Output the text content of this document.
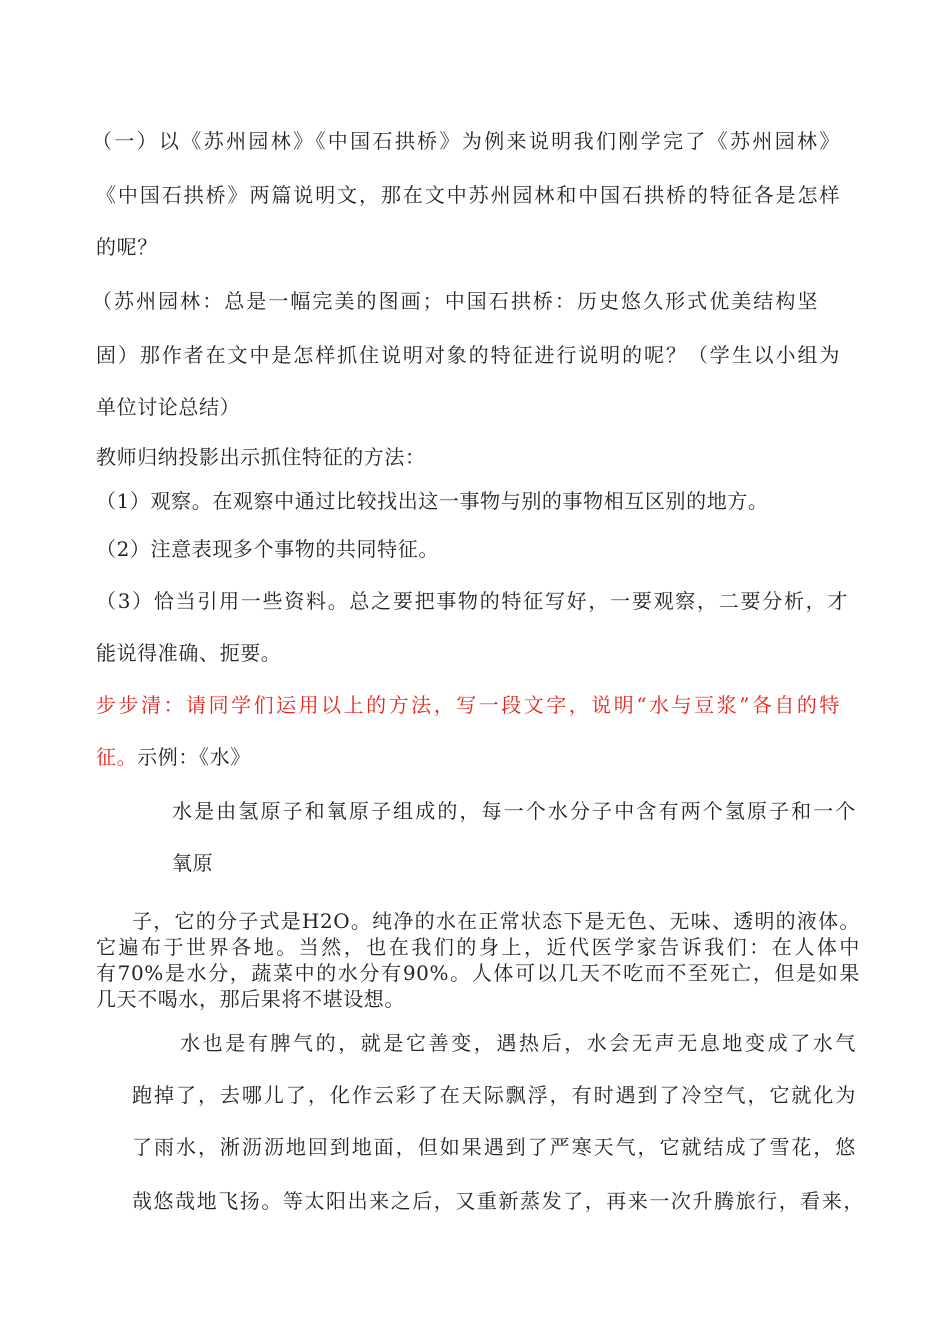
（一）以《苏州园林》《中国石拱桥》为例来说明我们刚学完了《苏州园林》
《中国石拱桥》两篇说明文，那在文中苏州园林和中国石拱桥的特征各是怎样
的呢？
（苏州园林：总是一幅完美的图画；中国石拱桥：历史悠久形式优美结构坚
固）那作者在文中是怎样抓住说明对象的特征进行说明的呢？（学生以小组为
单位讨论总结）
教师归纳投影出示抓住特征的方法：
（1）观察。在观察中通过比较找出这一事物与别的事物相互区别的地方。
（2）注意表现多个事物的共同特征。
（3）恰当引用一些资料。总之要把事物的特征写好，一要观察，二要分析，才
能说得准确、扼要。
步步清：请同学们运用以上的方法，写一段文字，说明“水与豆浆”各自的特
征。示例：《水》
水是由氢原子和氧原子组成的，每一个水分子中含有两个氢原子和一个
氧原
子，它的分子式是H2O。纯净的水在正常状态下是无色、无味、透明的液体。
它遍布于世界各地。当然，也在我们的身上，近代医学家告诉我们：在人体中
有70%是水分，蔬菜中的水分有90%。人体可以几天不吃而不至死亡，但是如果
几天不喝水，那后果将不堪设想。
水也是有脾气的，就是它善变，遇热后，水会无声无息地变成了水气
跑掉了，去哪儿了，化作云彩了在天际飘浮，有时遇到了冷空气，它就化为
了雨水，淅沥沥地回到地面，但如果遇到了严寒天气，它就结成了雪花，悠
哉悠哉地飞扬。等太阳出来之后，又重新蒸发了，再来一次升腾旅行，看来，
